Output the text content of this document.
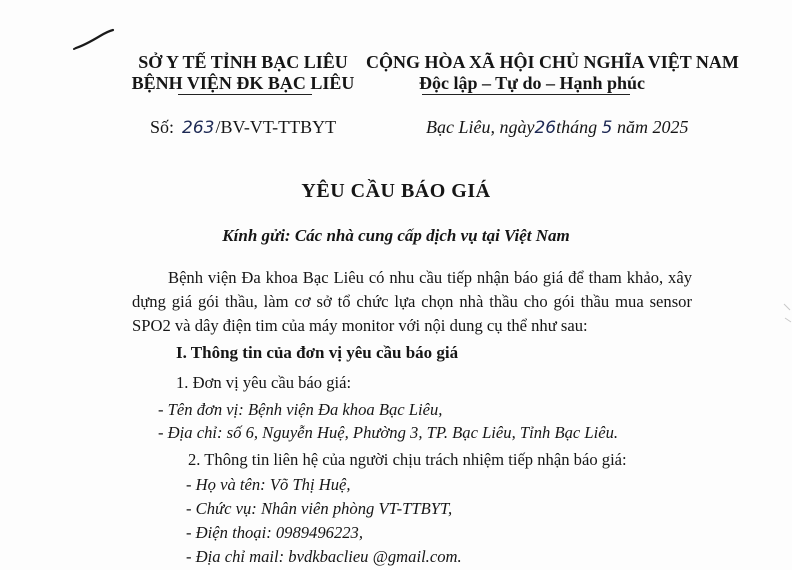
SỞ Y TẾ TỈNH BẠC LIÊU
BỆNH VIỆN ĐK BẠC LIÊU
CỘNG HÒA XÃ HỘI CHỦ NGHĨA VIỆT NAM
Độc lập – Tự do – Hạnh phúc
Số: 263/BV-VT-TTBYT	Bạc Liêu, ngày26tháng 5 năm 2025
YÊU CẦU BÁO GIÁ
Kính gửi: Các nhà cung cấp dịch vụ tại Việt Nam
Bệnh viện Đa khoa Bạc Liêu có nhu cầu tiếp nhận báo giá để tham khảo, xây dựng giá gói thầu, làm cơ sở tổ chức lựa chọn nhà thầu cho gói thầu mua sensor SPO2 và dây điện tim của máy monitor với nội dung cụ thể như sau:
I. Thông tin của đơn vị yêu cầu báo giá
1. Đơn vị yêu cầu báo giá:
- Tên đơn vị: Bệnh viện Đa khoa Bạc Liêu,
- Địa chỉ: số 6, Nguyễn Huệ, Phường 3, TP. Bạc Liêu, Tỉnh Bạc Liêu.
2. Thông tin liên hệ của người chịu trách nhiệm tiếp nhận báo giá:
- Họ và tên: Võ Thị Huệ,
- Chức vụ: Nhân viên phòng VT-TTBYT,
- Điện thoại: 0989496223,
- Địa chỉ mail: bvdkbaclieu @gmail.com.
